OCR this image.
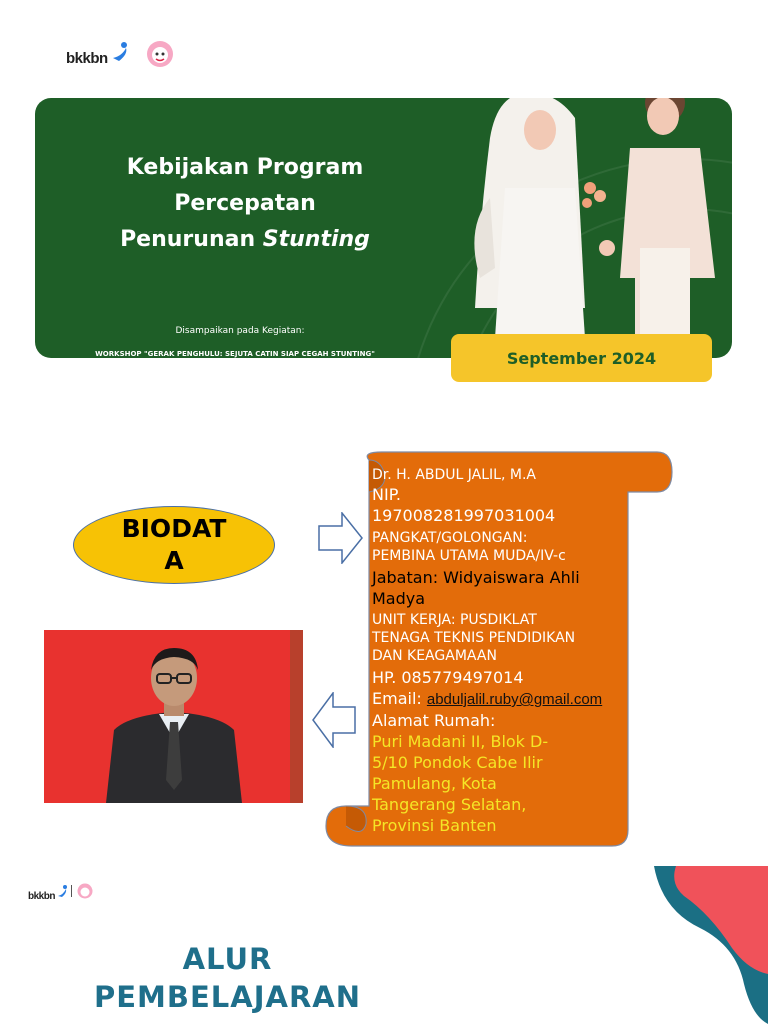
bkkbn
Kebijakan Program
Percepatan
Penurunan Stunting
Disampaikan pada Kegiatan:
WORKSHOP "GERAK PENGHULU: SEJUTA CATIN SIAP CEGAH STUNTING"	September 2024
BIODAT
A
Dr. H. ABDUL JALIL, M.A
NIP.
197008281997031004
PANGKAT/GOLONGAN:
PEMBINA UTAMA MUDA/IV-c
Jabatan: Widyaiswara Ahli Madya
UNIT KERJA: PUSDIKLAT
TENAGA TEKNIS PENDIDIKAN
DAN KEAGAMAAN
HP. 085779497014
Email: abduljalil.ruby@gmail.com
Alamat Rumah:
Puri Madani II, Blok D-
5/10 Pondok Cabe Ilir
Pamulang, Kota
Tangerang Selatan,
Provinsi Banten
bkkbn
ALUR
PEMBELAJARAN
